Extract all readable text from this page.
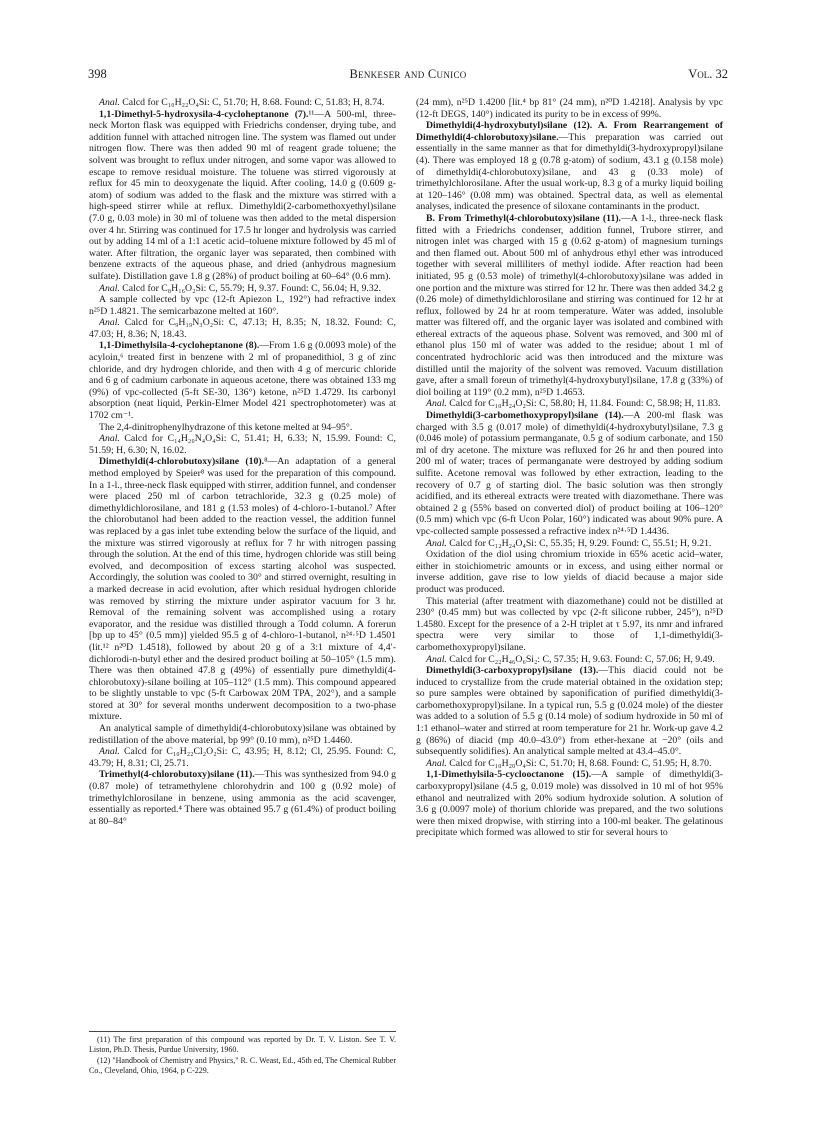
398	Benkeser and Cunico	Vol. 32

Anal. Calcd for C₁₀H₂₂O₄Si: C, 51.70; H, 8.68. Found: C, 51.83; H, 8.74.

1,1-Dimethyl-5-hydroxysila-4-cycloheptanone (7).¹¹—A 500-ml, three-neck Morton flask was equipped with Friedrichs condenser, drying tube, and addition funnel with attached nitrogen line. The system was flamed out under nitrogen flow. There was then added 90 ml of reagent grade toluene; the solvent was brought to reflux under nitrogen, and some vapor was allowed to escape to remove residual moisture. The toluene was stirred vigorously at reflux for 45 min to deoxygenate the liquid. After cooling, 14.0 g (0.609 g-atom) of sodium was added to the flask and the mixture was stirred with a high-speed stirrer while at reflux. Dimethyldi(2-carbomethoxyethyl)silane (7.0 g, 0.03 mole) in 30 ml of toluene was then added to the metal dispersion over 4 hr. Stirring was continued for 17.5 hr longer and hydrolysis was carried out by adding 14 ml of a 1:1 acetic acid–toluene mixture followed by 45 ml of water. After filtration, the organic layer was separated, then combined with benzene extracts of the aqueous phase, and dried (anhydrous magnesium sulfate). Distillation gave 1.8 g (28%) of product boiling at 60–64° (0.6 mm).

Anal. Calcd for C₈H₁₆O₂Si: C, 55.79; H, 9.37. Found: C, 56.04; H, 9.32.

A sample collected by vpc (12-ft Apiezon L, 192°) had refractive index n²⁵D 1.4821. The semicarbazone melted at 160°.

Anal. Calcd for C₉H₁₉N₃O₂Si: C, 47.13; H, 8.35; N, 18.32. Found: C, 47.03; H, 8.36; N, 18.43.

1,1-Dimethylsila-4-cycloheptanone (8).—From 1.6 g (0.0093 mole) of the acyloin,⁶ treated first in benzene with 2 ml of propanedithiol, 3 g of zinc chloride, and dry hydrogen chloride, and then with 4 g of mercuric chloride and 6 g of cadmium carbonate in aqueous acetone, there was obtained 133 mg (9%) of vpc-collected (5-ft SE-30, 136°) ketone, n²⁵D 1.4729. Its carbonyl absorption (neat liquid, Perkin-Elmer Model 421 spectrophotometer) was at 1702 cm⁻¹.

The 2,4-dinitrophenylhydrazone of this ketone melted at 94–95°.

Anal. Calcd for C₁₄H₂₀N₄O₄Si: C, 51.41; H, 6.33; N, 15.99. Found: C, 51.59; H, 6.30; N, 16.02.

Dimethyldi(4-chlorobutoxy)silane (10).⁸—An adaptation of a general method employed by Speier⁸ was used for the preparation of this compound. In a 1-l., three-neck flask equipped with stirrer, addition funnel, and condenser were placed 250 ml of carbon tetrachloride, 32.3 g (0.25 mole) of dimethyldichlorosilane, and 181 g (1.53 moles) of 4-chloro-1-butanol.⁷ After the chlorobutanol had been added to the reaction vessel, the addition funnel was replaced by a gas inlet tube extending below the surface of the liquid, and the mixture was stirred vigorously at reflux for 7 hr with nitrogen passing through the solution. At the end of this time, hydrogen chloride was still being evolved, and decomposition of excess starting alcohol was suspected. Accordingly, the solution was cooled to 30° and stirred overnight, resulting in a marked decrease in acid evolution, after which residual hydrogen chloride was removed by stirring the mixture under aspirator vacuum for 3 hr. Removal of the remaining solvent was accomplished using a rotary evaporator, and the residue was distilled through a Todd column. A forerun [bp up to 45° (0.5 mm)] yielded 95.5 g of 4-chloro-1-butanol, n²⁴·⁵D 1.4501 (lit.¹² n²⁰D 1.4518), followed by about 20 g of a 3:1 mixture of 4,4′-dichlorodi-n-butyl ether and the desired product boiling at 50–105° (1.5 mm). There was then obtained 47.8 g (49%) of essentially pure dimethyldi(4-chlorobutoxy)-silane boiling at 105–112° (1.5 mm). This compound appeared to be slightly unstable to vpc (5-ft Carbowax 20M TPA, 202°), and a sample stored at 30° for several months underwent decomposition to a two-phase mixture.

An analytical sample of dimethyldi(4-chlorobutoxy)silane was obtained by redistillation of the above material, bp 99° (0.10 mm), n²⁵D 1.4460.

Anal. Calcd for C₁₀H₂₂Cl₂O₂Si: C, 43.95; H, 8.12; Cl, 25.95. Found: C, 43.79; H, 8.31; Cl, 25.71.

Trimethyl(4-chlorobutoxy)silane (11).—This was synthesized from 94.0 g (0.87 mole) of tetramethylene chlorohydrin and 100 g (0.92 mole) of trimethylchlorosilane in benzene, using ammonia as the acid scavenger, essentially as reported.⁴ There was obtained 95.7 g (61.4%) of product boiling at 80–84°

(24 mm), n²⁵D 1.4200 [lit.⁴ bp 81° (24 mm), n²⁰D 1.4218]. Analysis by vpc (12-ft DEGS, 140°) indicated its purity to be in excess of 99%.

Dimethyldi(4-hydroxybutyl)silane (12). A. From Rearrangement of Dimethyldi(4-chlorobutoxy)silane.—This preparation was carried out essentially in the same manner as that for dimethyldi(3-hydroxypropyl)silane (4). There was employed 18 g (0.78 g-atom) of sodium, 43.1 g (0.158 mole) of dimethyldi(4-chlorobutoxy)silane, and 43 g (0.33 mole) of trimethylchlorosilane. After the usual work-up, 8.3 g of a murky liquid boiling at 120–146° (0.08 mm) was obtained. Spectral data, as well as elemental analyses, indicated the presence of siloxane contaminants in the product.

B. From Trimethyl(4-chlorobutoxy)silane (11).—A 1-l., three-neck flask fitted with a Friedrichs condenser, addition funnel, Trubore stirrer, and nitrogen inlet was charged with 15 g (0.62 g-atom) of magnesium turnings and then flamed out. About 500 ml of anhydrous ethyl ether was introduced together with several milliliters of methyl iodide. After reaction had been initiated, 95 g (0.53 mole) of trimethyl(4-chlorobutoxy)silane was added in one portion and the mixture was stirred for 12 hr. There was then added 34.2 g (0.26 mole) of dimethyldichlorosilane and stirring was continued for 12 hr at reflux, followed by 24 hr at room temperature. Water was added, insoluble matter was filtered off, and the organic layer was isolated and combined with ethereal extracts of the aqueous phase. Solvent was removed, and 300 ml of ethanol plus 150 ml of water was added to the residue; about 1 ml of concentrated hydrochloric acid was then introduced and the mixture was distilled until the majority of the solvent was removed. Vacuum distillation gave, after a small foreun of trimethyl(4-hydroxybutyl)silane, 17.8 g (33%) of diol boiling at 119° (0.2 mm), n²⁵D 1.4653.

Anal. Calcd for C₁₀H₂₄O₂Si: C, 58.80; H, 11.84. Found: C, 58.98; H, 11.83.

Dimethyldi(3-carbomethoxypropyl)silane (14).—A 200-ml flask was charged with 3.5 g (0.017 mole) of dimethyldi(4-hydroxybutyl)silane, 7.3 g (0.046 mole) of potassium permanganate, 0.5 g of sodium carbonate, and 150 ml of dry acetone. The mixture was refluxed for 26 hr and then poured into 200 ml of water; traces of permanganate were destroyed by adding sodium sulfite. Acetone removal was followed by ether extraction, leading to the recovery of 0.7 g of starting diol. The basic solution was then strongly acidified, and its ethereal extracts were treated with diazomethane. There was obtained 2 g (55% based on converted diol) of product boiling at 106–120° (0.5 mm) which vpc (6-ft Ucon Polar, 160°) indicated was about 90% pure. A vpc-collected sample possessed a refractive index n²⁴·⁵D 1.4436.

Anal. Calcd for C₁₂H₂₄O₄Si: C, 55.35; H, 9.29. Found: C, 55.51; H, 9.21.

Oxidation of the diol using chromium trioxide in 65% acetic acid–water, either in stoichiometric amounts or in excess, and using either normal or inverse addition, gave rise to low yields of diacid because a major side product was produced.

This material (after treatment with diazomethane) could not be distilled at 230° (0.45 mm) but was collected by vpc (2-ft silicone rubber, 245°), n²⁵D 1.4580. Except for the presence of a 2-H triplet at τ 5.97, its nmr and infrared spectra were very similar to those of 1,1-dimethyldi(3-carbomethoxypropyl)silane.

Anal. Calcd for C₂₂H₄₆O₆Si₂: C, 57.35; H, 9.63. Found: C, 57.06; H, 9.49.

Dimethyldi(3-carboxypropyl)silane (13).—This diacid could not be induced to crystallize from the crude material obtained in the oxidation step; so pure samples were obtained by saponification of purified dimethyldi(3-carbomethoxypropyl)silane. In a typical run, 5.5 g (0.024 mole) of the diester was added to a solution of 5.5 g (0.14 mole) of sodium hydroxide in 50 ml of 1:1 ethanol–water and stirred at room temperature for 21 hr. Work-up gave 4.2 g (86%) of diacid (mp 40.0–43.0°) from ether-hexane at −20° (oils and subsequently solidifies). An analytical sample melted at 43.4–45.0°.

Anal. Calcd for C₁₀H₂₀O₄Si: C, 51.70; H, 8.68. Found: C, 51.95; H, 8.70.

1,1-Dimethylsila-5-cyclooctanone (15).—A sample of dimethyldi(3-carboxypropyl)silane (4.5 g, 0.019 mole) was dissolved in 10 ml of hot 95% ethanol and neutralized with 20% sodium hydroxide solution. A solution of 3.6 g (0.0097 mole) of thorium chloride was prepared, and the two solutions were then mixed dropwise, with stirring into a 100-ml beaker. The gelatinous precipitate which formed was allowed to stir for several hours to

(11) The first preparation of this compound was reported by Dr. T. V. Liston. See T. V. Liston, Ph.D. Thesis, Purdue University, 1960.

(12) "Handbook of Chemistry and Physics," R. C. Weast, Ed., 45th ed, The Chemical Rubber Co., Cleveland, Ohio, 1964, p C-229.
